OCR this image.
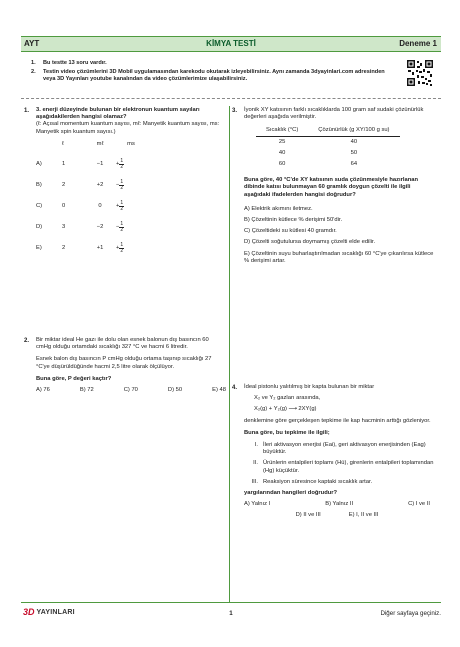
AYT	KİMYA TESTİ	Deneme 1
1.	Bu testte 13 soru vardır.
2.	Testin video çözümlerini 3D Mobil uygulamasından karekodu okutarak izleyebilirsiniz. Aynı zamanda 3dyayinlari.com adresinden veya 3D Yayınları youtube kanalından da video çözümlerimize ulaşabilirsiniz.
1. 3. enerji düzeyinde bulunan bir elektronun kuantum sayıları aşağıdakilerden hangisi olamaz?
(ℓ: Açısal momentum kuantum sayısı, mℓ: Manyetik kuantum sayısı, ms: Manyetik spin kuantum sayısı.)
ℓ	mℓ	ms
A)	1	−1	+ $\frac{1}{2}$
B)	2	+2	− $\frac{1}{2}$
C)	0	0	+ $\frac{1}{2}$
D)	3	−2	− $\frac{1}{2}$
E)	2	+1	+ $\frac{1}{2}$
2. Bir miktar ideal He gazı ile dolu olan esnek balonun dış basıncın 60 cmHg olduğu ortamdaki sıcaklığı 327 °C ve hacmi 6 litredir.
Esnek balon dış basıncın P cmHg olduğu ortama taşınıp sıcaklığı 27 °C'ye düşürüldüğünde hacmi 2,5 litre olarak ölçülüyor.
Buna göre, P değeri kaçtır?
A) 76	B) 72	C) 70	D) 50	E) 48
3. İyonik XY katısının farklı sıcaklıklarda 100 gram saf sudaki çözünürlük değerleri aşağıda verilmiştir.
Sıcaklık (°C)	Çözünürlük (g XY/100 g su)
25	40
40	50
60	64
Buna göre, 40 °C'de XY katısının suda çözünmesiyle hazırlanan dibinde katısı bulunmayan 60 gramlık doygun çözelti ile ilgili aşağıdaki ifadelerden hangisi doğrudur?
A) Elektrik akımını iletmez.
B) Çözeltinin kütlece % derişimi 50'dir.
C) Çözeltideki su kütlesi 40 gramdır.
D) Çözelti soğutulursa doymamış çözelti elde edilir.
E) Çözeltinin suyu buharlaştırılmadan sıcaklığı 60 °C'ye çıkarılırsa kütlece % derişimi artar.
4. İdeal pistonlu yalıtılmış bir kapta bulunan bir miktar
X₂ ve Y₂ gazları arasında,
X₂(g) + Y₂(g) ⟶ 2XY(g)
denklemine göre gerçekleşen tepkime ile kap hacminin arttığı gözleniyor.
Buna göre, bu tepkime ile ilgili;
I. İleri aktivasyon enerjisi (Eai), geri aktivasyon enerjisinden (Eag) büyüktür.
II. Ürünlerin entalpileri toplamı (Hü), girenlerin entalpileri toplamından (Hg) küçüktür.
III. Reaksiyon süresince kaptaki sıcaklık artar.
yargılarından hangileri doğrudur?
A) Yalnız I	B) Yalnız II	C) I ve II
D) II ve III	E) I, II ve III
3D YAYINLARI	1	Diğer sayfaya geçiniz.
